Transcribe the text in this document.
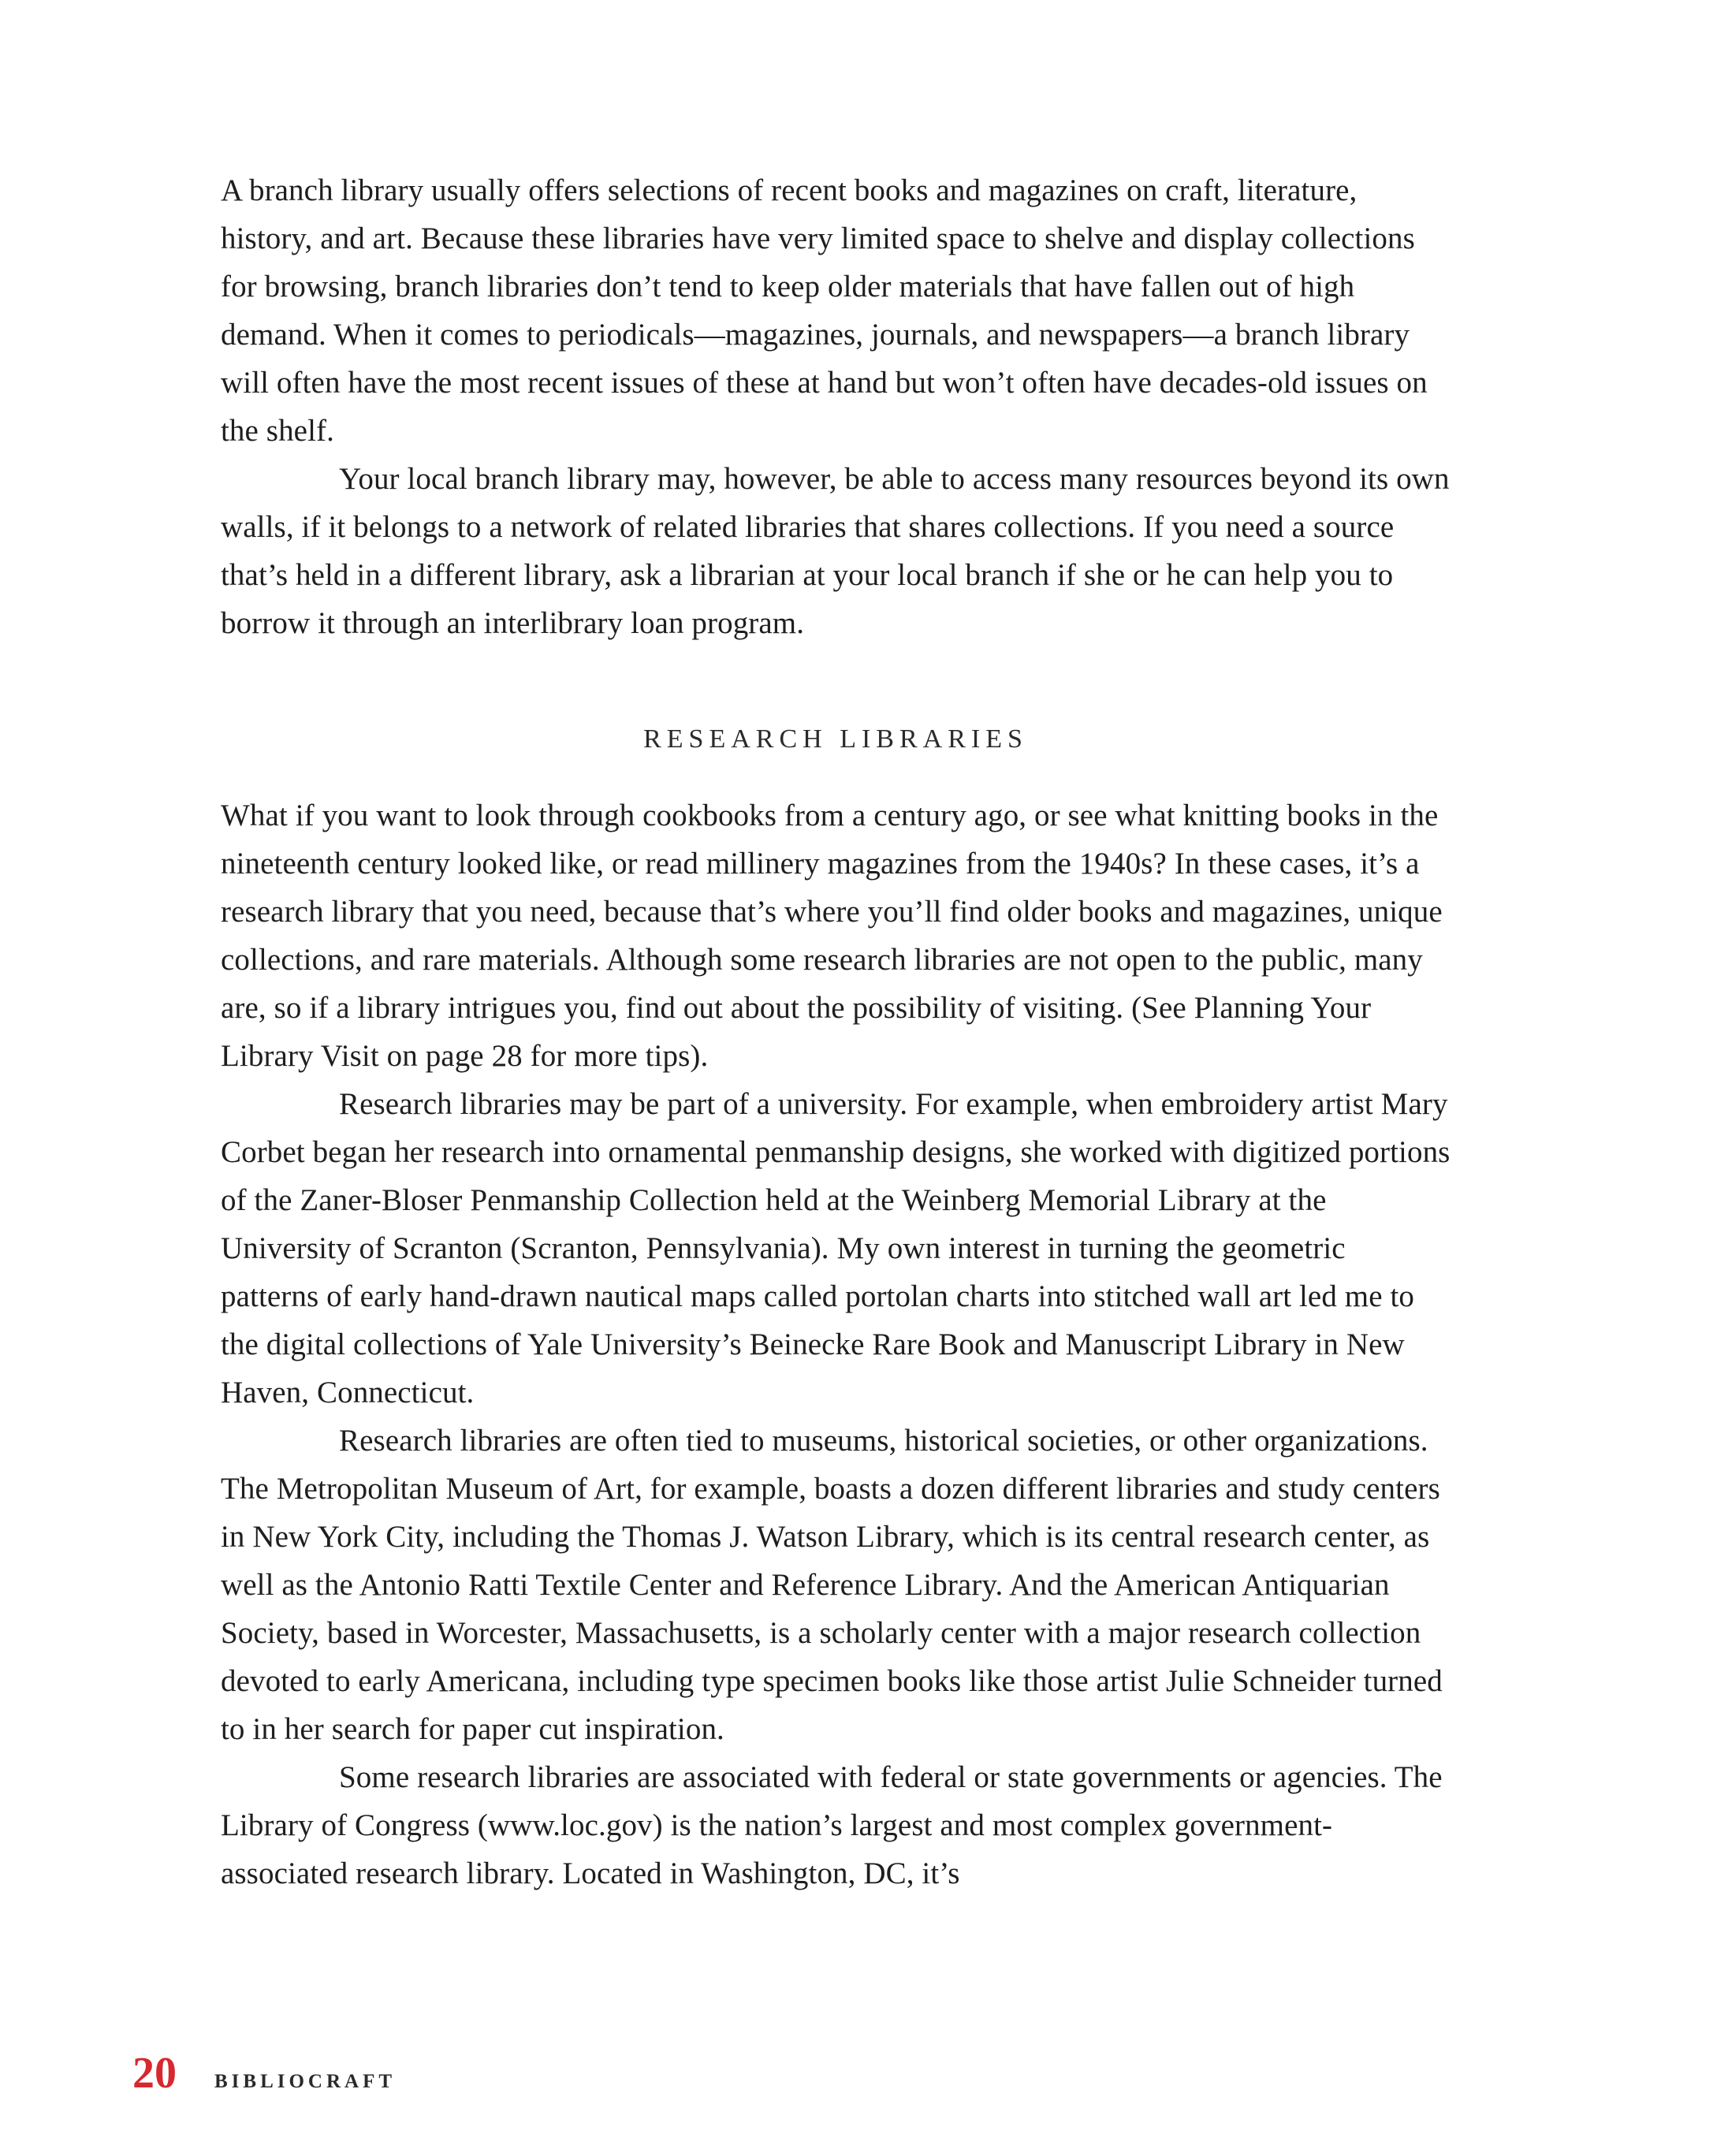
A branch library usually offers selections of recent books and magazines on craft, literature, history, and art. Because these libraries have very limited space to shelve and display collections for browsing, branch libraries don’t tend to keep older materials that have fallen out of high demand. When it comes to periodicals—magazines, journals, and newspapers—a branch library will often have the most recent issues of these at hand but won’t often have decades-old issues on the shelf.

Your local branch library may, however, be able to access many resources beyond its own walls, if it belongs to a network of related libraries that shares collections. If you need a source that’s held in a different library, ask a librarian at your local branch if she or he can help you to borrow it through an interlibrary loan program.

RESEARCH LIBRARIES

What if you want to look through cookbooks from a century ago, or see what knitting books in the nineteenth century looked like, or read millinery magazines from the 1940s? In these cases, it’s a research library that you need, because that’s where you’ll find older books and magazines, unique collections, and rare materials. Although some research libraries are not open to the public, many are, so if a library intrigues you, find out about the possibility of visiting. (See Planning Your Library Visit on page 28 for more tips).

Research libraries may be part of a university. For example, when embroidery artist Mary Corbet began her research into ornamental penmanship designs, she worked with digitized portions of the Zaner-Bloser Penmanship Collection held at the Weinberg Memorial Library at the University of Scranton (Scranton, Pennsylvania). My own interest in turning the geometric patterns of early hand-drawn nautical maps called portolan charts into stitched wall art led me to the digital collections of Yale University’s Beinecke Rare Book and Manuscript Library in New Haven, Connecticut.

Research libraries are often tied to museums, historical societies, or other organizations. The Metropolitan Museum of Art, for example, boasts a dozen different libraries and study centers in New York City, including the Thomas J. Watson Library, which is its central research center, as well as the Antonio Ratti Textile Center and Reference Library. And the American Antiquarian Society, based in Worcester, Massachusetts, is a scholarly center with a major research collection devoted to early Americana, including type specimen books like those artist Julie Schneider turned to in her search for paper cut inspiration.

Some research libraries are associated with federal or state governments or agencies. The Library of Congress (www.loc.gov) is the nation’s largest and most complex government-associated research library. Located in Washington, DC, it’s

20 BIBLIOCRAFT
